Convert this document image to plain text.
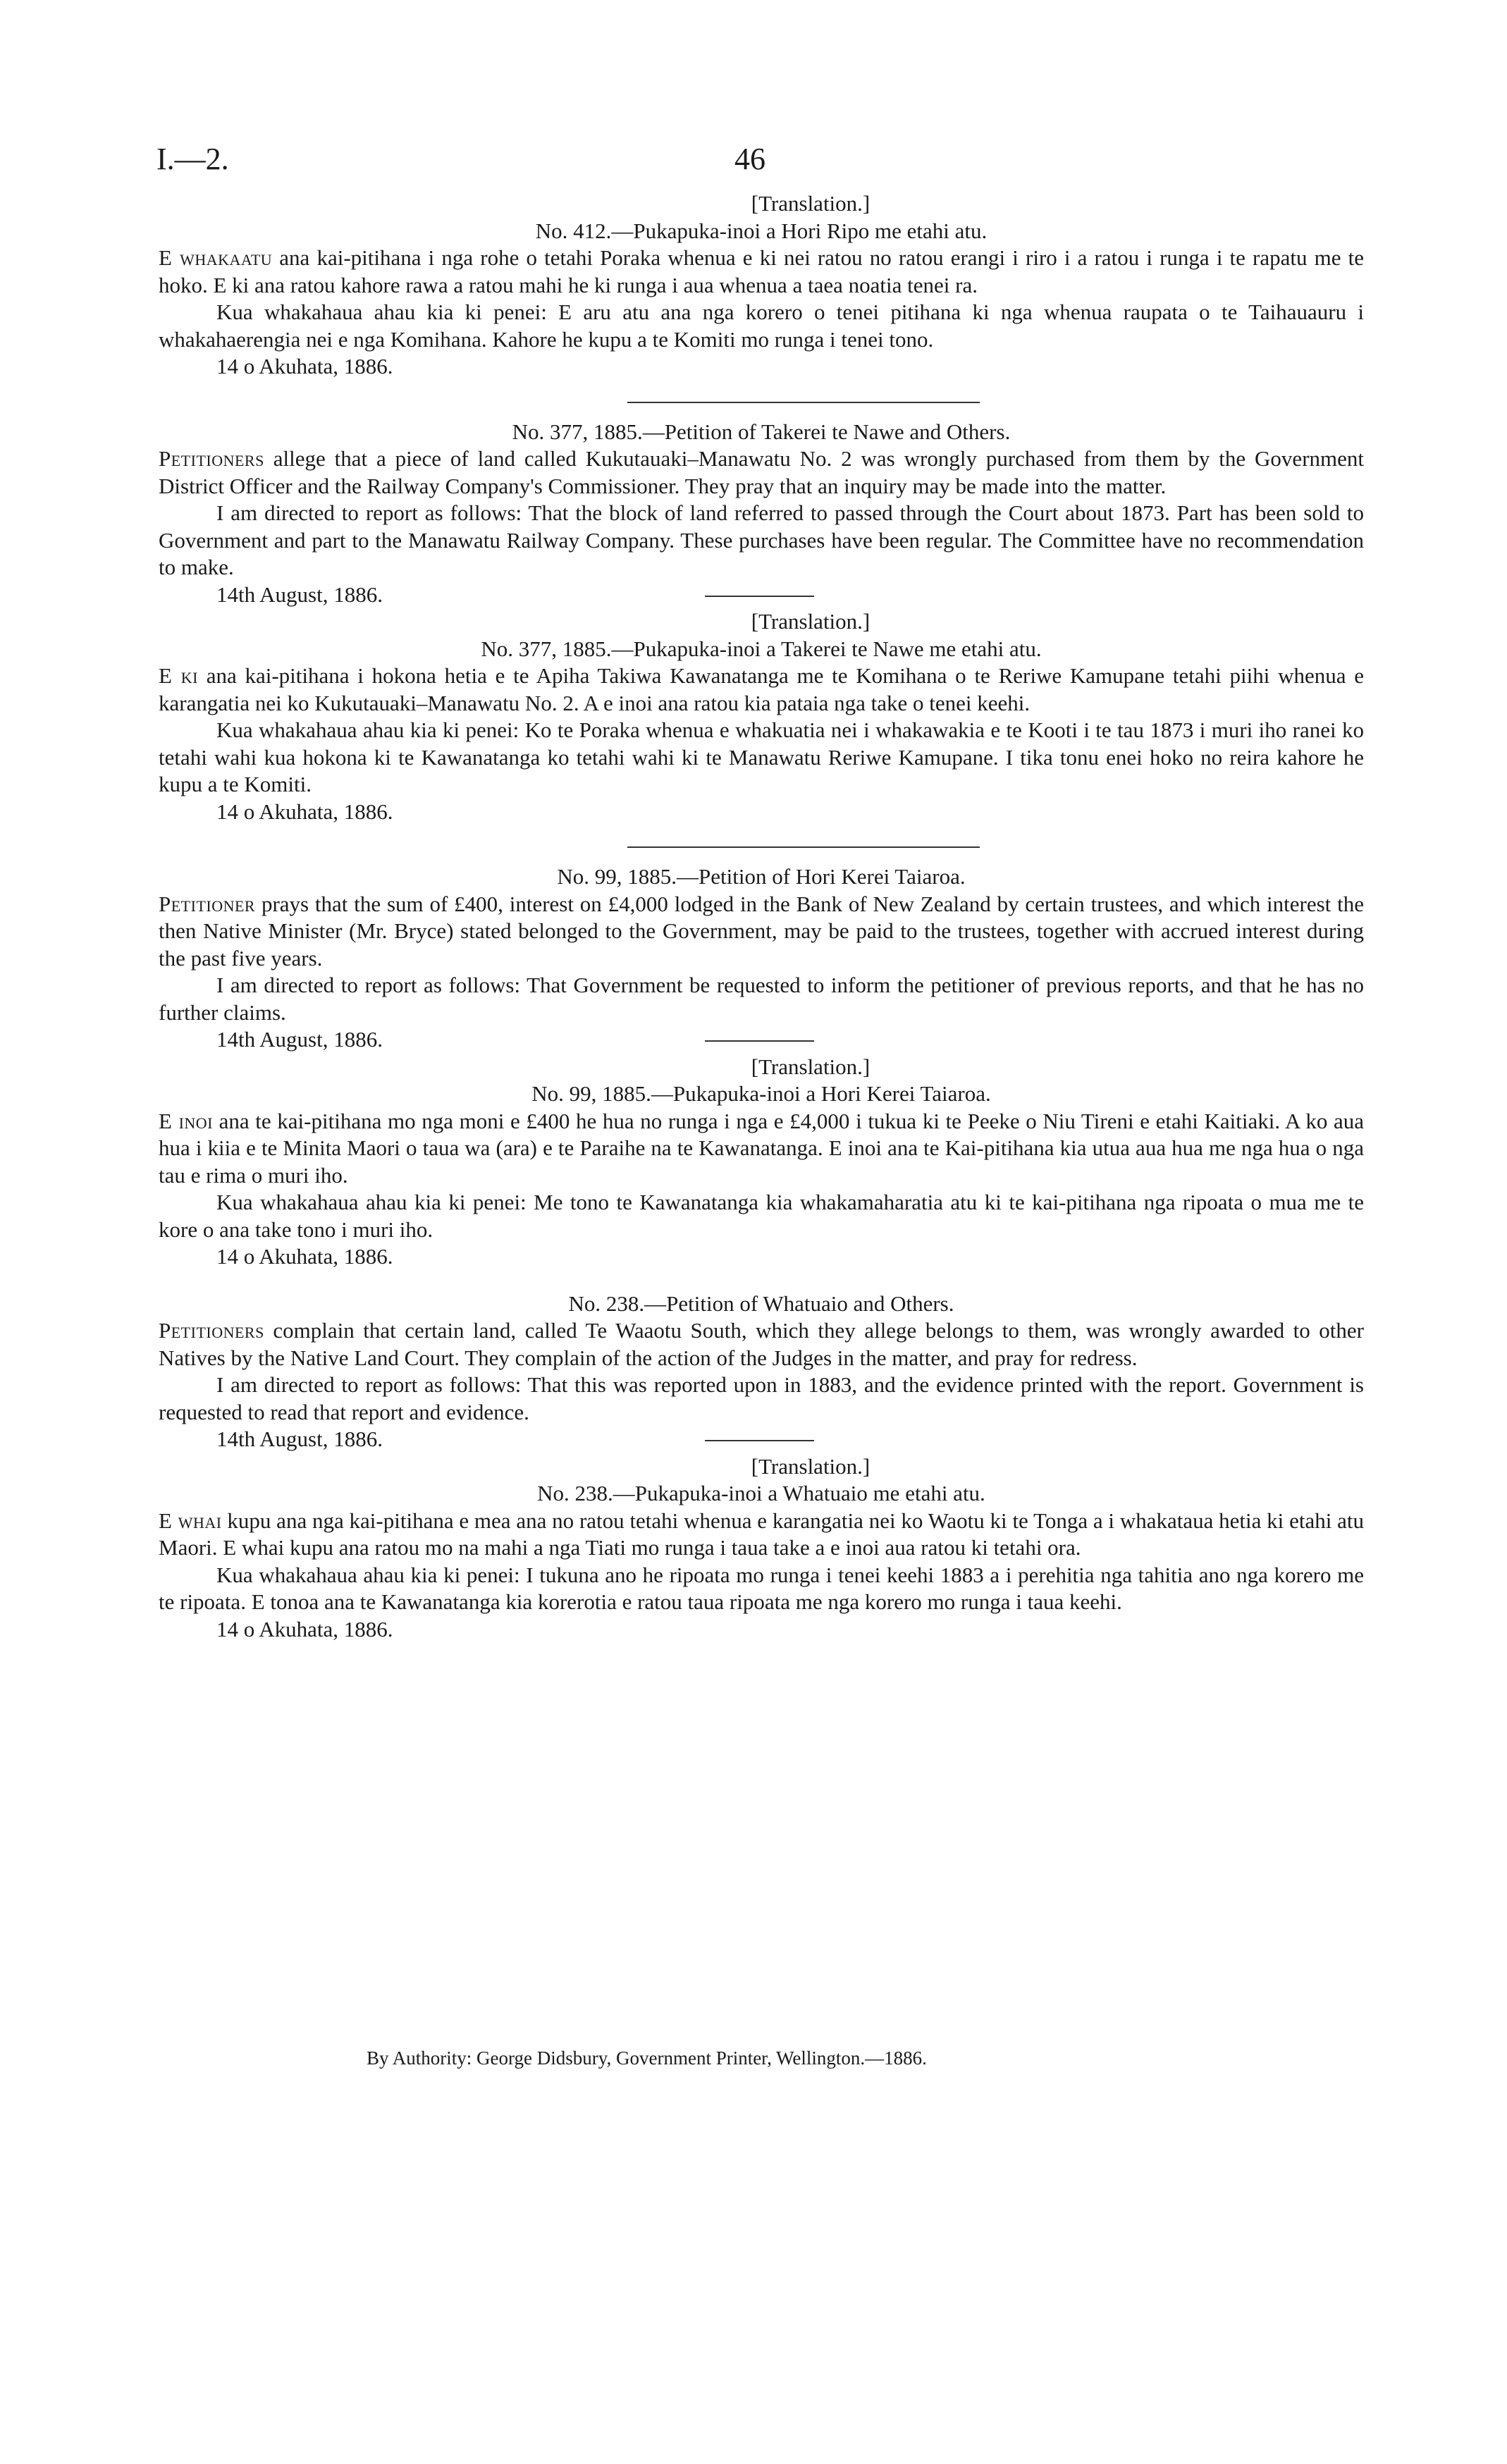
I.—2.	46
[Translation.]
No. 412.—Pukapuka-inoi a Hori Ripo me etahi atu.

E whakaatu ana kai-pitihana i nga rohe o tetahi Poraka whenua e ki nei ratou no ratou erangi i riro i a ratou i runga i te rapatu me te hoko. E ki ana ratou kahore rawa a ratou mahi he ki runga i aua whenua a taea noatia tenei ra.

Kua whakahaua ahau kia ki penei: E aru atu ana nga korero o tenei pitihana ki nga whenua raupata o te Taihauauru i whakahaerengia nei e nga Komihana. Kahore he kupu a te Komiti mo runga i tenei tono.

14 o Akuhata, 1886.
No. 377, 1885.—Petition of Takerei te Nawe and Others.

Petitioners allege that a piece of land called Kukutauaki–Manawatu No. 2 was wrongly purchased from them by the Government District Officer and the Railway Company's Commissioner. They pray that an inquiry may be made into the matter.

I am directed to report as follows: That the block of land referred to passed through the Court about 1873. Part has been sold to Government and part to the Manawatu Railway Company. These purchases have been regular. The Committee have no recommendation to make.

14th August, 1886.
[Translation.]
No. 377, 1885.—Pukapuka-inoi a Takerei te Nawe me etahi atu.

E ki ana kai-pitihana i hokona hetia e te Apiha Takiwa Kawanatanga me te Komihana o te Reriwe Kamupane tetahi piihi whenua e karangatia nei ko Kukutauaki–Manawatu No. 2. A e inoi ana ratou kia pataia nga take o tenei keehi.

Kua whakahaua ahau kia ki penei: Ko te Poraka whenua e whakuatia nei i whakawakia e te Kooti i te tau 1873 i muri iho ranei ko tetahi wahi kua hokona ki te Kawanatanga ko tetahi wahi ki te Manawatu Reriwe Kamupane. I tika tonu enei hoko no reira kahore he kupu a te Komiti.

14 o Akuhata, 1886.
No. 99, 1885.—Petition of Hori Kerei Taiaroa.

Petitioner prays that the sum of £400, interest on £4,000 lodged in the Bank of New Zealand by certain trustees, and which interest the then Native Minister (Mr. Bryce) stated belonged to the Government, may be paid to the trustees, together with accrued interest during the past five years.

I am directed to report as follows: That Government be requested to inform the petitioner of previous reports, and that he has no further claims.

14th August, 1886.
[Translation.]
No. 99, 1885.—Pukapuka-inoi a Hori Kerei Taiaroa.

E inoi ana te kai-pitihana mo nga moni e £400 he hua no runga i nga e £4,000 i tukua ki te Peeke o Niu Tireni e etahi Kaitiaki. A ko aua hua i kiia e te Minita Maori o taua wa (ara) e te Paraihe na te Kawanatanga. E inoi ana te Kai-pitihana kia utua aua hua me nga hua o nga tau e rima o muri iho.

Kua whakahaua ahau kia ki penei: Me tono te Kawanatanga kia whakamaharatia atu ki te kai-pitihana nga ripoata o mua me te kore o ana take tono i muri iho.

14 o Akuhata, 1886.
No. 238.—Petition of Whatuaio and Others.

Petitioners complain that certain land, called Te Waaotu South, which they allege belongs to them, was wrongly awarded to other Natives by the Native Land Court. They complain of the action of the Judges in the matter, and pray for redress.

I am directed to report as follows: That this was reported upon in 1883, and the evidence printed with the report. Government is requested to read that report and evidence.

14th August, 1886.
[Translation.]
No. 238.—Pukapuka-inoi a Whatuaio me etahi atu.

E whai kupu ana nga kai-pitihana e mea ana no ratou tetahi whenua e karangatia nei ko Waotu ki te Tonga a i whakataua hetia ki etahi atu Maori. E whai kupu ana ratou mo na mahi a nga Tiati mo runga i taua take a e inoi aua ratou ki tetahi ora.

Kua whakahaua ahau kia ki penei: I tukuna ano he ripoata mo runga i tenei keehi 1883 a i perehitia nga tahitia ano nga korero me te ripoata. E tonoa ana te Kawanatanga kia korerotia e ratou taua ripoata me nga korero mo runga i taua keehi.

14 o Akuhata, 1886.
By Authority: George Didsbury, Government Printer, Wellington.—1886.
